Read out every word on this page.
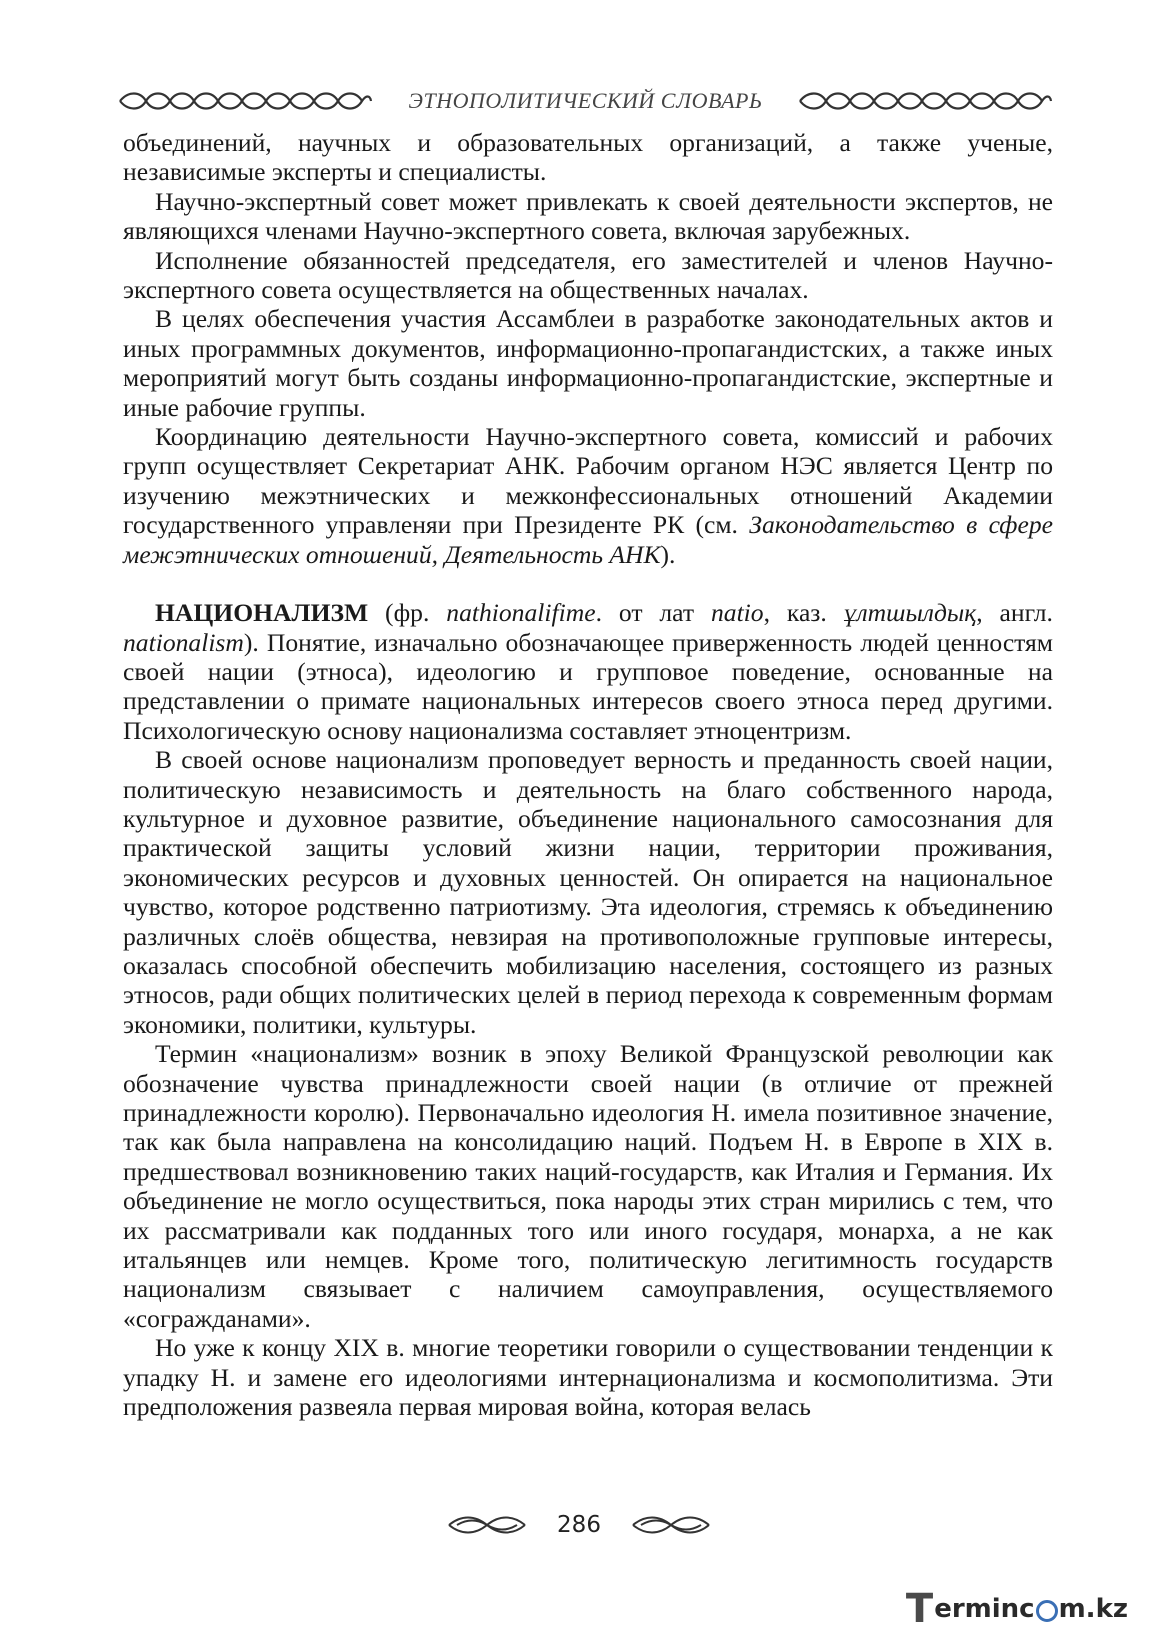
ЭТНОПОЛИТИЧЕСКИЙ СЛОВАРЬ

объединений, научных и образовательных организаций, а также ученые, независимые эксперты и специалисты.

Научно-экспертный совет может привлекать к своей деятельности экспертов, не являющихся членами Научно-экспертного совета, включая зарубежных.

Исполнение обязанностей председателя, его заместителей и членов Научно-экспертного совета осуществляется на общественных началах.

В целях обеспечения участия Ассамблеи в разработке законодательных актов и иных программных документов, информационно-пропагандистских, а также иных мероприятий могут быть созданы информационно-пропагандистские, экспертные и иные рабочие группы.

Координацию деятельности Научно-экспертного совета, комиссий и рабочих групп осуществляет Секретариат АНК. Рабочим органом НЭС является Центр по изучению межэтнических и межконфессиональных отношений Академии государственного управленяи при Президенте РК (см. Законодательство в сфере межэтнических отношений, Деятельность АНК).

НАЦИОНАЛИЗМ (фр. nathionalifime. от лат natio, каз. ұлтшылдық, англ. nationalism). Понятие, изначально обозначающее приверженность людей ценностям своей нации (этноса), идеологию и групповое поведение, основанные на представлении о примате национальных интересов своего этноса перед другими. Психологическую основу национализма составляет этноцентризм.

В своей основе национализм проповедует верность и преданность своей нации, политическую независимость и деятельность на благо собственного народа, культурное и духовное развитие, объединение национального самосознания для практической защиты условий жизни нации, территории проживания, экономических ресурсов и духовных ценностей. Он опирается на национальное чувство, которое родственно патриотизму. Эта идеология, стремясь к объединению различных слоёв общества, невзирая на противоположные групповые интересы, оказалась способной обеспечить мобилизацию населения, состоящего из разных этносов, ради общих политических целей в период перехода к современным формам экономики, политики, культуры.

Термин «национализм» возник в эпоху Великой Французской революции как обозначение чувства принадлежности своей нации (в отличие от прежней принадлежности королю). Первоначально идеология Н. имела позитивное значение, так как была направлена на консолидацию наций. Подъем Н. в Европе в XIX в. предшествовал возникновению таких наций-государств, как Италия и Германия. Их объединение не могло осуществиться, пока народы этих стран мирились с тем, что их рассматривали как подданных того или иного государя, монарха, а не как итальянцев или немцев. Кроме того, политическую легитимность государств национализм связывает с наличием самоуправления, осуществляемого «согражданами».

Но уже к концу XIX в. многие теоретики говорили о существовании тенденции к упадку Н. и замене его идеологиями интернационализма и космополитизма. Эти предположения развеяла первая мировая война, которая велась

286
T erminc m.kz
